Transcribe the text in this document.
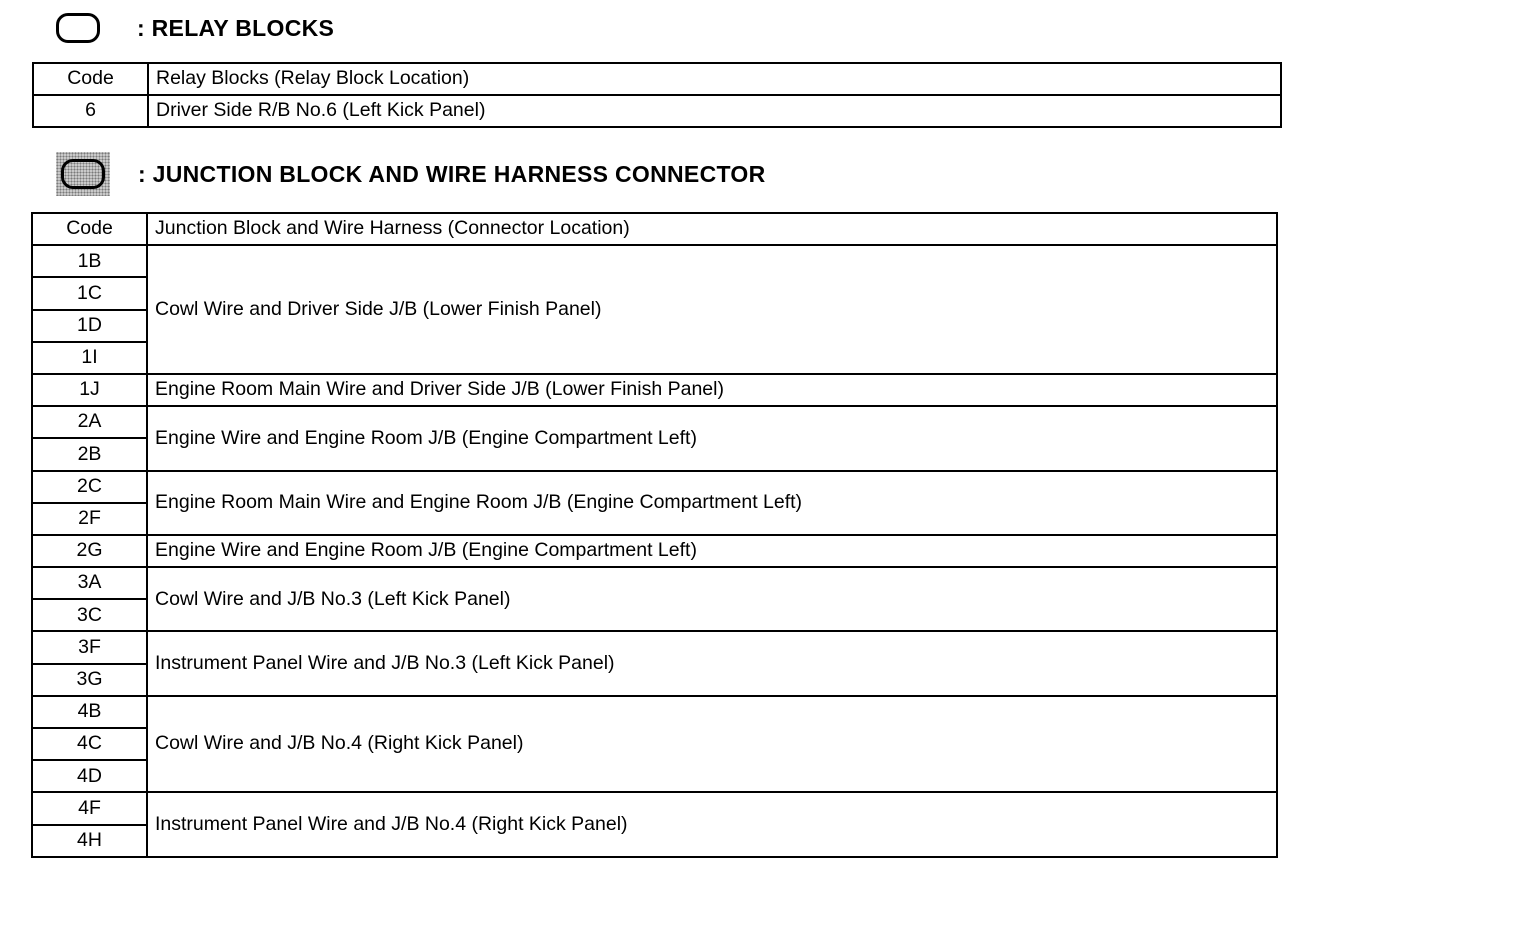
: RELAY BLOCKS
Code	Relay Blocks (Relay Block Location)
6	Driver Side R/B No.6 (Left Kick Panel)
: JUNCTION BLOCK AND WIRE HARNESS CONNECTOR
Code	Junction Block and Wire Harness (Connector Location)
1B	Cowl Wire and Driver Side J/B (Lower Finish Panel)
1C	
1D	
1I	
1J	Engine Room Main Wire and Driver Side J/B (Lower Finish Panel)
2A	Engine Wire and Engine Room J/B (Engine Compartment Left)
2B	
2C	Engine Room Main Wire and Engine Room J/B (Engine Compartment Left)
2F	
2G	Engine Wire and Engine Room J/B (Engine Compartment Left)
3A	Cowl Wire and J/B No.3 (Left Kick Panel)
3C	
3F	Instrument Panel Wire and J/B No.3 (Left Kick Panel)
3G	
4B	Cowl Wire and J/B No.4 (Right Kick Panel)
4C	
4D	
4F	Instrument Panel Wire and J/B No.4 (Right Kick Panel)
4H	
